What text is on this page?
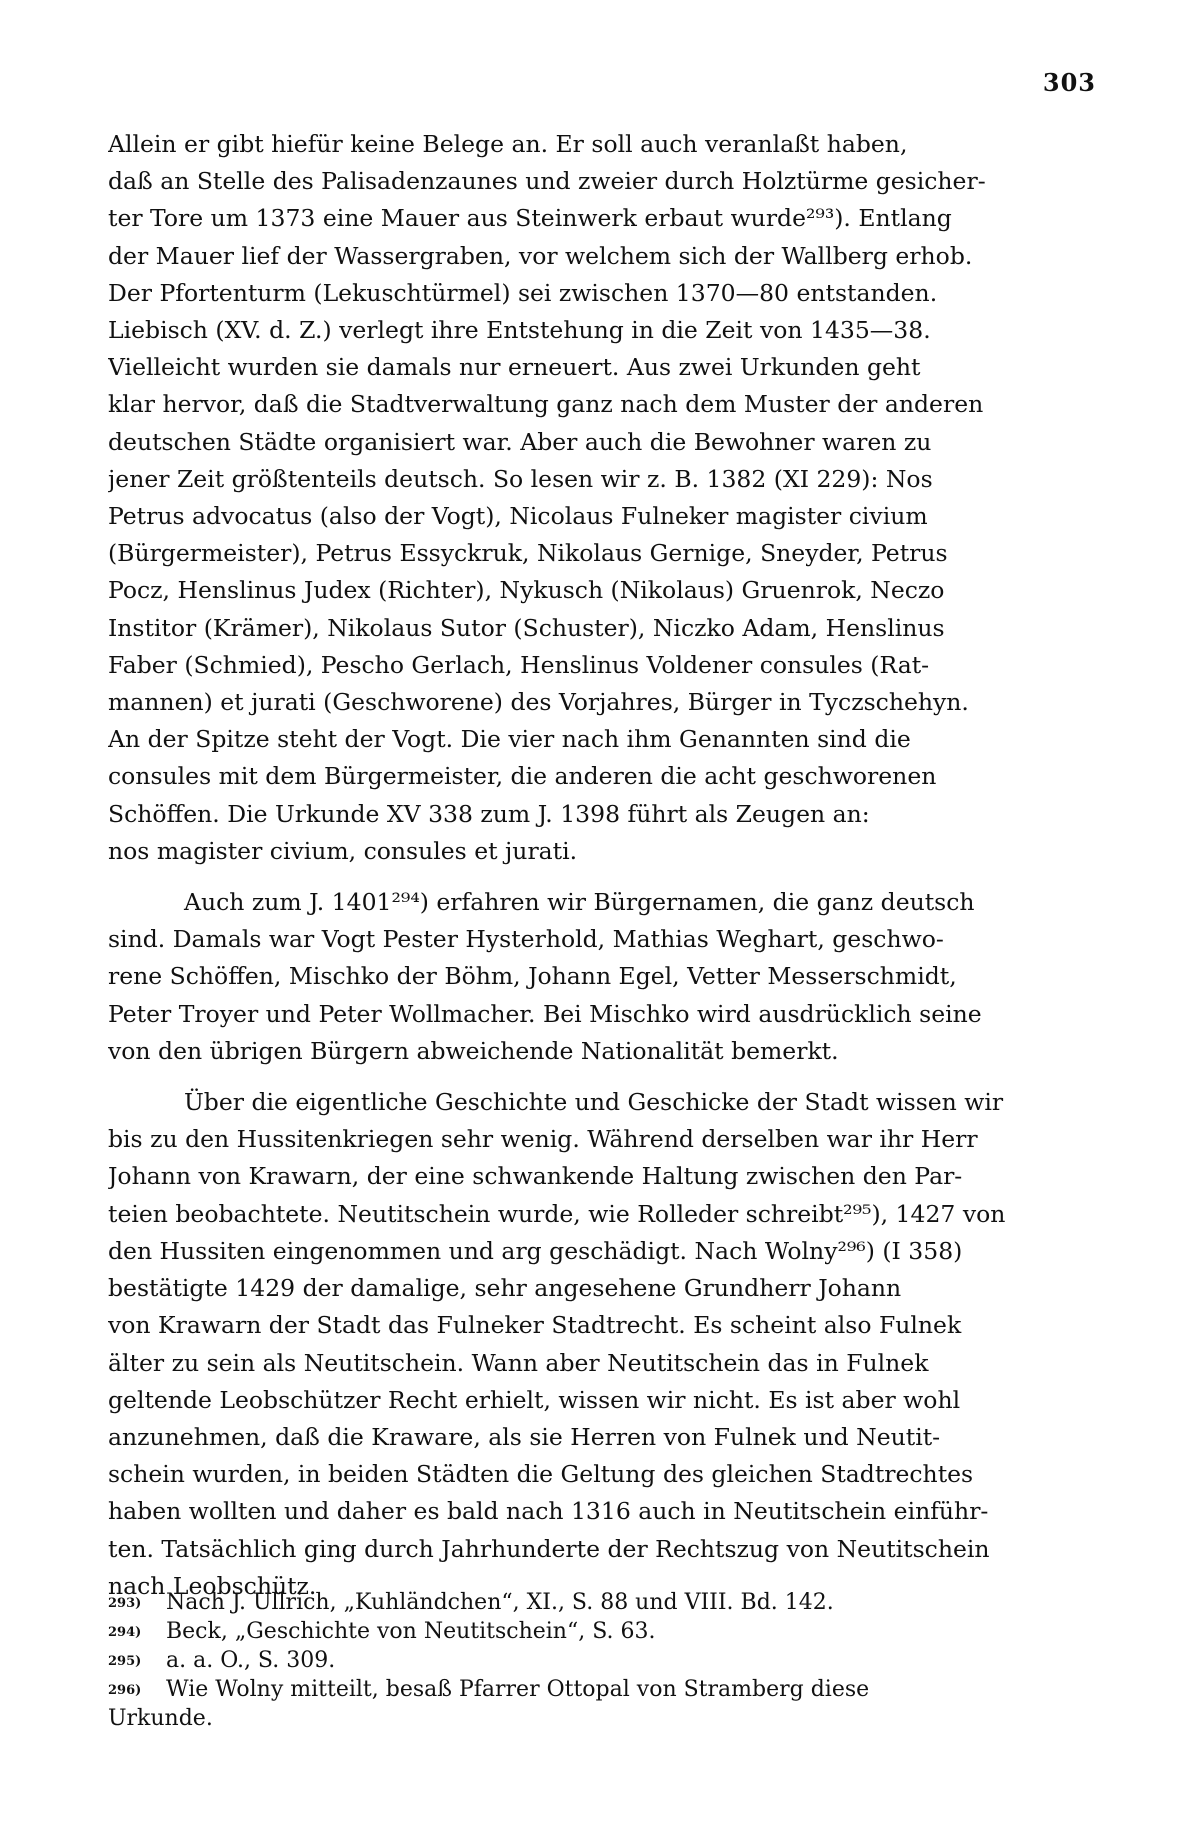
303
Allein er gibt hiefür keine Belege an. Er soll auch veranlaßt haben,
daß an Stelle des Palisadenzaunes und zweier durch Holztürme gesicher-
ter Tore um 1373 eine Mauer aus Steinwerk erbaut wurde²⁹³). Entlang
der Mauer lief der Wassergraben, vor welchem sich der Wallberg erhob.
Der Pfortenturm (Lekuschtürmel) sei zwischen 1370—80 entstanden.
Liebisch (XV. d. Z.) verlegt ihre Entstehung in die Zeit von 1435—38.
Vielleicht wurden sie damals nur erneuert. Aus zwei Urkunden geht
klar hervor, daß die Stadtverwaltung ganz nach dem Muster der anderen
deutschen Städte organisiert war. Aber auch die Bewohner waren zu
jener Zeit größtenteils deutsch. So lesen wir z. B. 1382 (XI 229): Nos
Petrus advocatus (also der Vogt), Nicolaus Fulneker magister civium
(Bürgermeister), Petrus Essyckruk, Nikolaus Gernige, Sneyder, Petrus
Pocz, Henslinus Judex (Richter), Nykusch (Nikolaus) Gruenrok, Neczo
Institor (Krämer), Nikolaus Sutor (Schuster), Niczko Adam, Henslinus
Faber (Schmied), Pescho Gerlach, Henslinus Voldener consules (Rat-
mannen) et jurati (Geschworene) des Vorjahres, Bürger in Tyczschehyn.
An der Spitze steht der Vogt. Die vier nach ihm Genannten sind die
consules mit dem Bürgermeister, die anderen die acht geschworenen
Schöffen. Die Urkunde XV 338 zum J. 1398 führt als Zeugen an:
nos magister civium, consules et jurati.
Auch zum J. 1401²⁹⁴) erfahren wir Bürgernamen, die ganz deutsch
sind. Damals war Vogt Pester Hysterhold, Mathias Weghart, geschwo-
rene Schöffen, Mischko der Böhm, Johann Egel, Vetter Messerschmidt,
Peter Troyer und Peter Wollmacher. Bei Mischko wird ausdrücklich seine
von den übrigen Bürgern abweichende Nationalität bemerkt.
Über die eigentliche Geschichte und Geschicke der Stadt wissen wir
bis zu den Hussitenkriegen sehr wenig. Während derselben war ihr Herr
Johann von Krawarn, der eine schwankende Haltung zwischen den Par-
teien beobachtete. Neutitschein wurde, wie Rolleder schreibt²⁹⁵), 1427 von
den Hussiten eingenommen und arg geschädigt. Nach Wolny²⁹⁶) (I 358)
bestätigte 1429 der damalige, sehr angesehene Grundherr Johann
von Krawarn der Stadt das Fulneker Stadtrecht. Es scheint also Fulnek
älter zu sein als Neutitschein. Wann aber Neutitschein das in Fulnek
geltende Leobschützer Recht erhielt, wissen wir nicht. Es ist aber wohl
anzunehmen, daß die Kraware, als sie Herren von Fulnek und Neutit-
schein wurden, in beiden Städten die Geltung des gleichen Stadtrechtes
haben wollten und daher es bald nach 1316 auch in Neutitschein einführ-
ten. Tatsächlich ging durch Jahrhunderte der Rechtszug von Neutitschein
nach Leobschütz.
293) Nach J. Ullrich, „Kuhländchen“, XI., S. 88 und VIII. Bd. 142.
294) Beck, „Geschichte von Neutitschein“, S. 63.
295) a. a. O., S. 309.
296) Wie Wolny mitteilt, besaß Pfarrer Ottopal von Stramberg diese
Urkunde.
